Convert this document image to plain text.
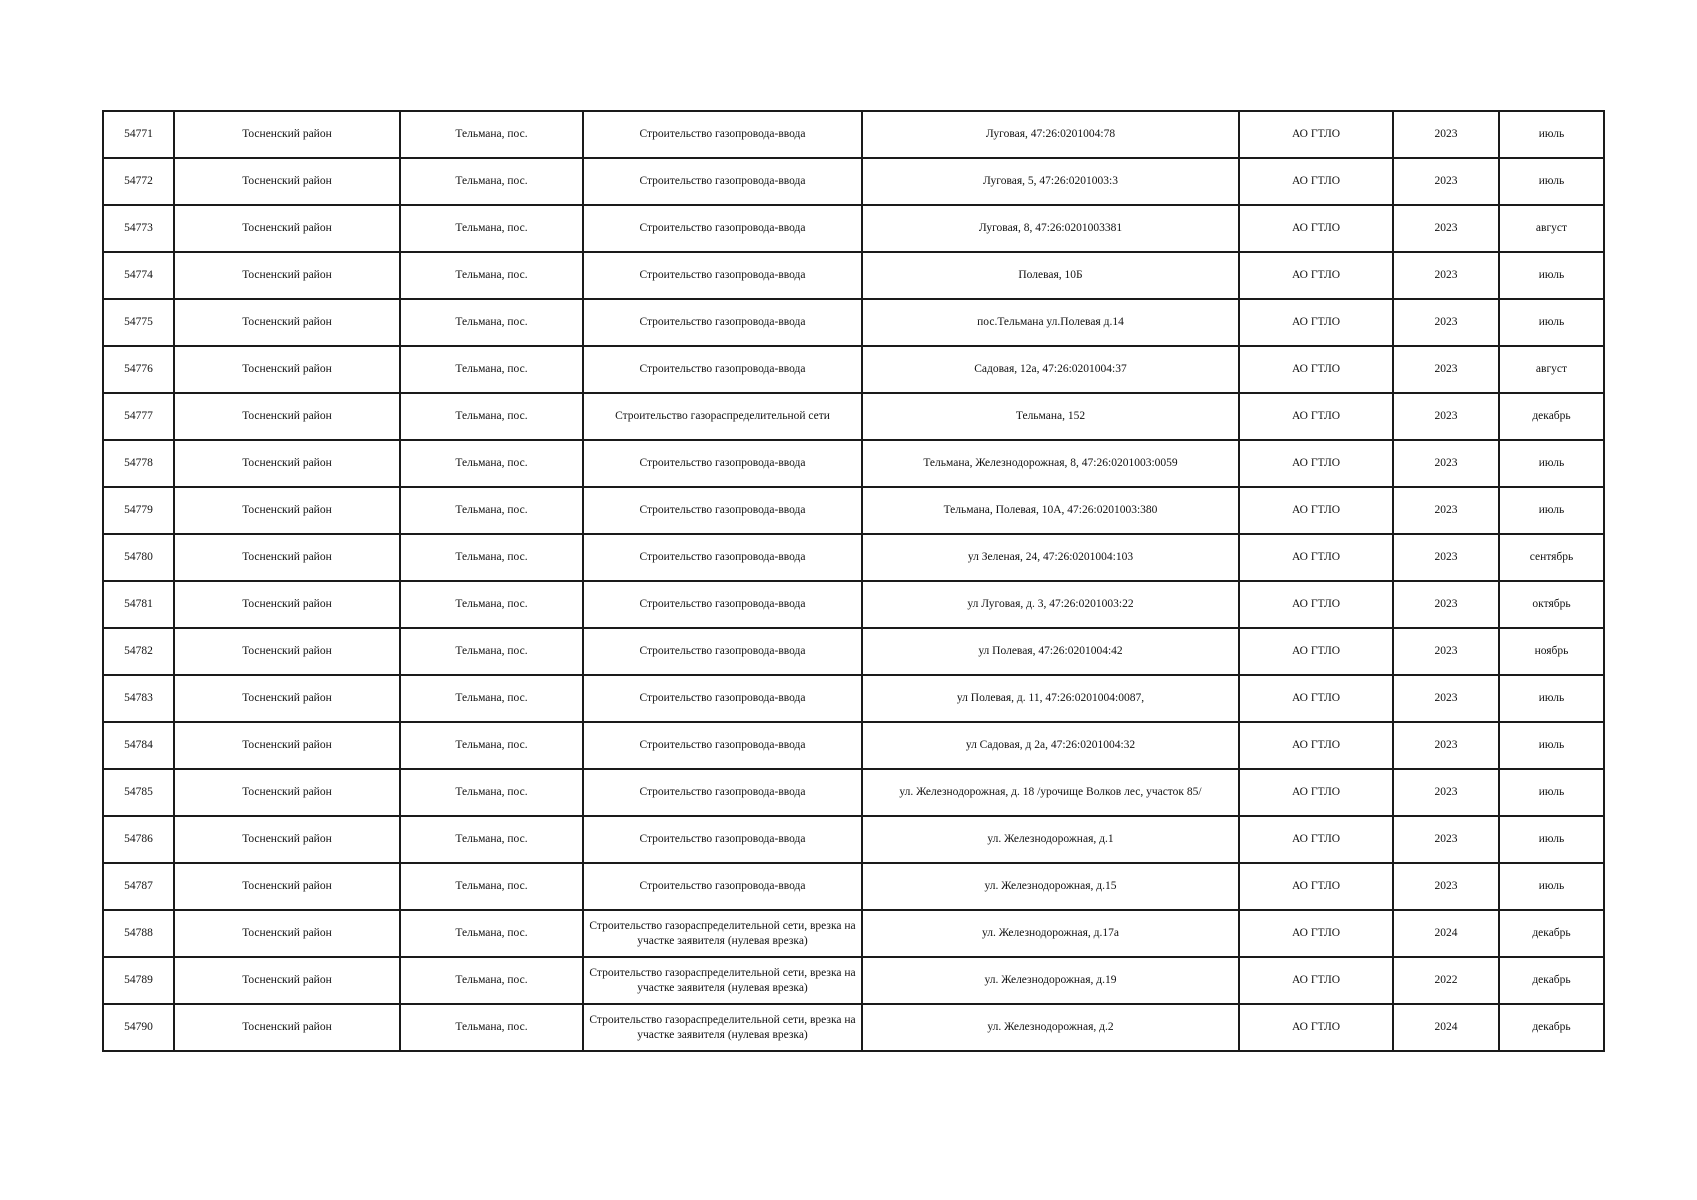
54771	Тосненский район	Тельмана, пос.	Строительство газопровода-ввода	Луговая, 47:26:0201004:78	АО ГТЛО	2023	июль
54772	Тосненский район	Тельмана, пос.	Строительство газопровода-ввода	Луговая, 5, 47:26:0201003:3	АО ГТЛО	2023	июль
54773	Тосненский район	Тельмана, пос.	Строительство газопровода-ввода	Луговая, 8, 47:26:0201003381	АО ГТЛО	2023	август
54774	Тосненский район	Тельмана, пос.	Строительство газопровода-ввода	Полевая, 10Б	АО ГТЛО	2023	июль
54775	Тосненский район	Тельмана, пос.	Строительство газопровода-ввода	пос.Тельмана ул.Полевая д.14	АО ГТЛО	2023	июль
54776	Тосненский район	Тельмана, пос.	Строительство газопровода-ввода	Садовая, 12а, 47:26:0201004:37	АО ГТЛО	2023	август
54777	Тосненский район	Тельмана, пос.	Строительство газораспределительной сети	Тельмана, 152	АО ГТЛО	2023	декабрь
54778	Тосненский район	Тельмана, пос.	Строительство газопровода-ввода	Тельмана, Железнодорожная, 8, 47:26:0201003:0059	АО ГТЛО	2023	июль
54779	Тосненский район	Тельмана, пос.	Строительство газопровода-ввода	Тельмана, Полевая, 10А, 47:26:0201003:380	АО ГТЛО	2023	июль
54780	Тосненский район	Тельмана, пос.	Строительство газопровода-ввода	ул Зеленая, 24, 47:26:0201004:103	АО ГТЛО	2023	сентябрь
54781	Тосненский район	Тельмана, пос.	Строительство газопровода-ввода	ул Луговая, д. 3, 47:26:0201003:22	АО ГТЛО	2023	октябрь
54782	Тосненский район	Тельмана, пос.	Строительство газопровода-ввода	ул Полевая, 47:26:0201004:42	АО ГТЛО	2023	ноябрь
54783	Тосненский район	Тельмана, пос.	Строительство газопровода-ввода	ул Полевая, д. 11, 47:26:0201004:0087,	АО ГТЛО	2023	июль
54784	Тосненский район	Тельмана, пос.	Строительство газопровода-ввода	ул Садовая, д 2а, 47:26:0201004:32	АО ГТЛО	2023	июль
54785	Тосненский район	Тельмана, пос.	Строительство газопровода-ввода	ул. Железнодорожная, д. 18 /урочище Волков лес, участок 85/	АО ГТЛО	2023	июль
54786	Тосненский район	Тельмана, пос.	Строительство газопровода-ввода	ул. Железнодорожная, д.1	АО ГТЛО	2023	июль
54787	Тосненский район	Тельмана, пос.	Строительство газопровода-ввода	ул. Железнодорожная, д.15	АО ГТЛО	2023	июль
54788	Тосненский район	Тельмана, пос.	Строительство газораспределительной сети, врезка на участке заявителя (нулевая врезка)	ул. Железнодорожная, д.17а	АО ГТЛО	2024	декабрь
54789	Тосненский район	Тельмана, пос.	Строительство газораспределительной сети, врезка на участке заявителя (нулевая врезка)	ул. Железнодорожная, д.19	АО ГТЛО	2022	декабрь
54790	Тосненский район	Тельмана, пос.	Строительство газораспределительной сети, врезка на участке заявителя (нулевая врезка)	ул. Железнодорожная, д.2	АО ГТЛО	2024	декабрь
